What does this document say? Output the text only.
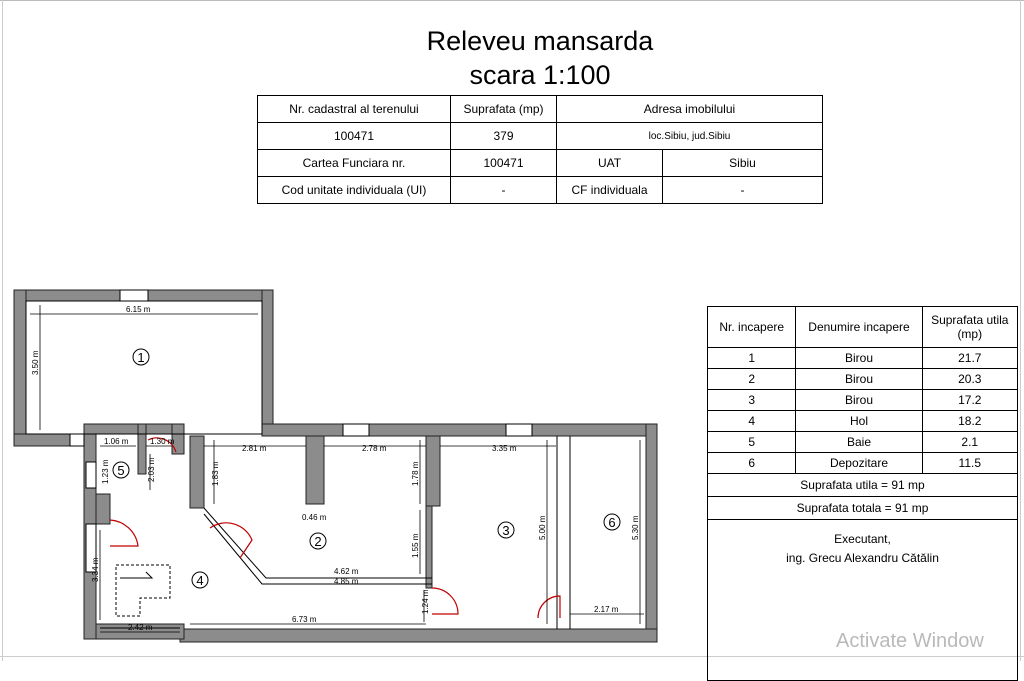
Releveu mansarda
scara 1:100
Nr. cadastral al terenului	Suprafata (mp)	Adresa imobilului	
100471	379	loc.Sibiu, jud.Sibiu	
Cartea Funciara nr.	100471	UAT	Sibiu
Cod unitate individuala (UI)	-	CF individuala	-
Nr. incapere	Denumire incapere	Suprafata utila (mp)
1	Birou	21.7
2	Birou	20.3
3	Birou	17.2
4	Hol	18.2
5	Baie	2.1
6	Depozitare	11.5
Suprafata utila = 91 mp		
Suprafata totala = 91 mp		

Executant,
ing. Grecu Alexandru Cătălin		
1
2
3
4
5
6
6.15 m
3.50 m
1.06 m	1.30 m
2.03 m
1.23 m
2.81 m
1.83 m
2.78 m
1.78 m
3.35 m
0.46 m
1.55 m
5.00 m	5.30 m
4.62 m
4.85 m
3.34 m
1.24 m
6.73 m
2.42 m
2.17 m
Activate Window
